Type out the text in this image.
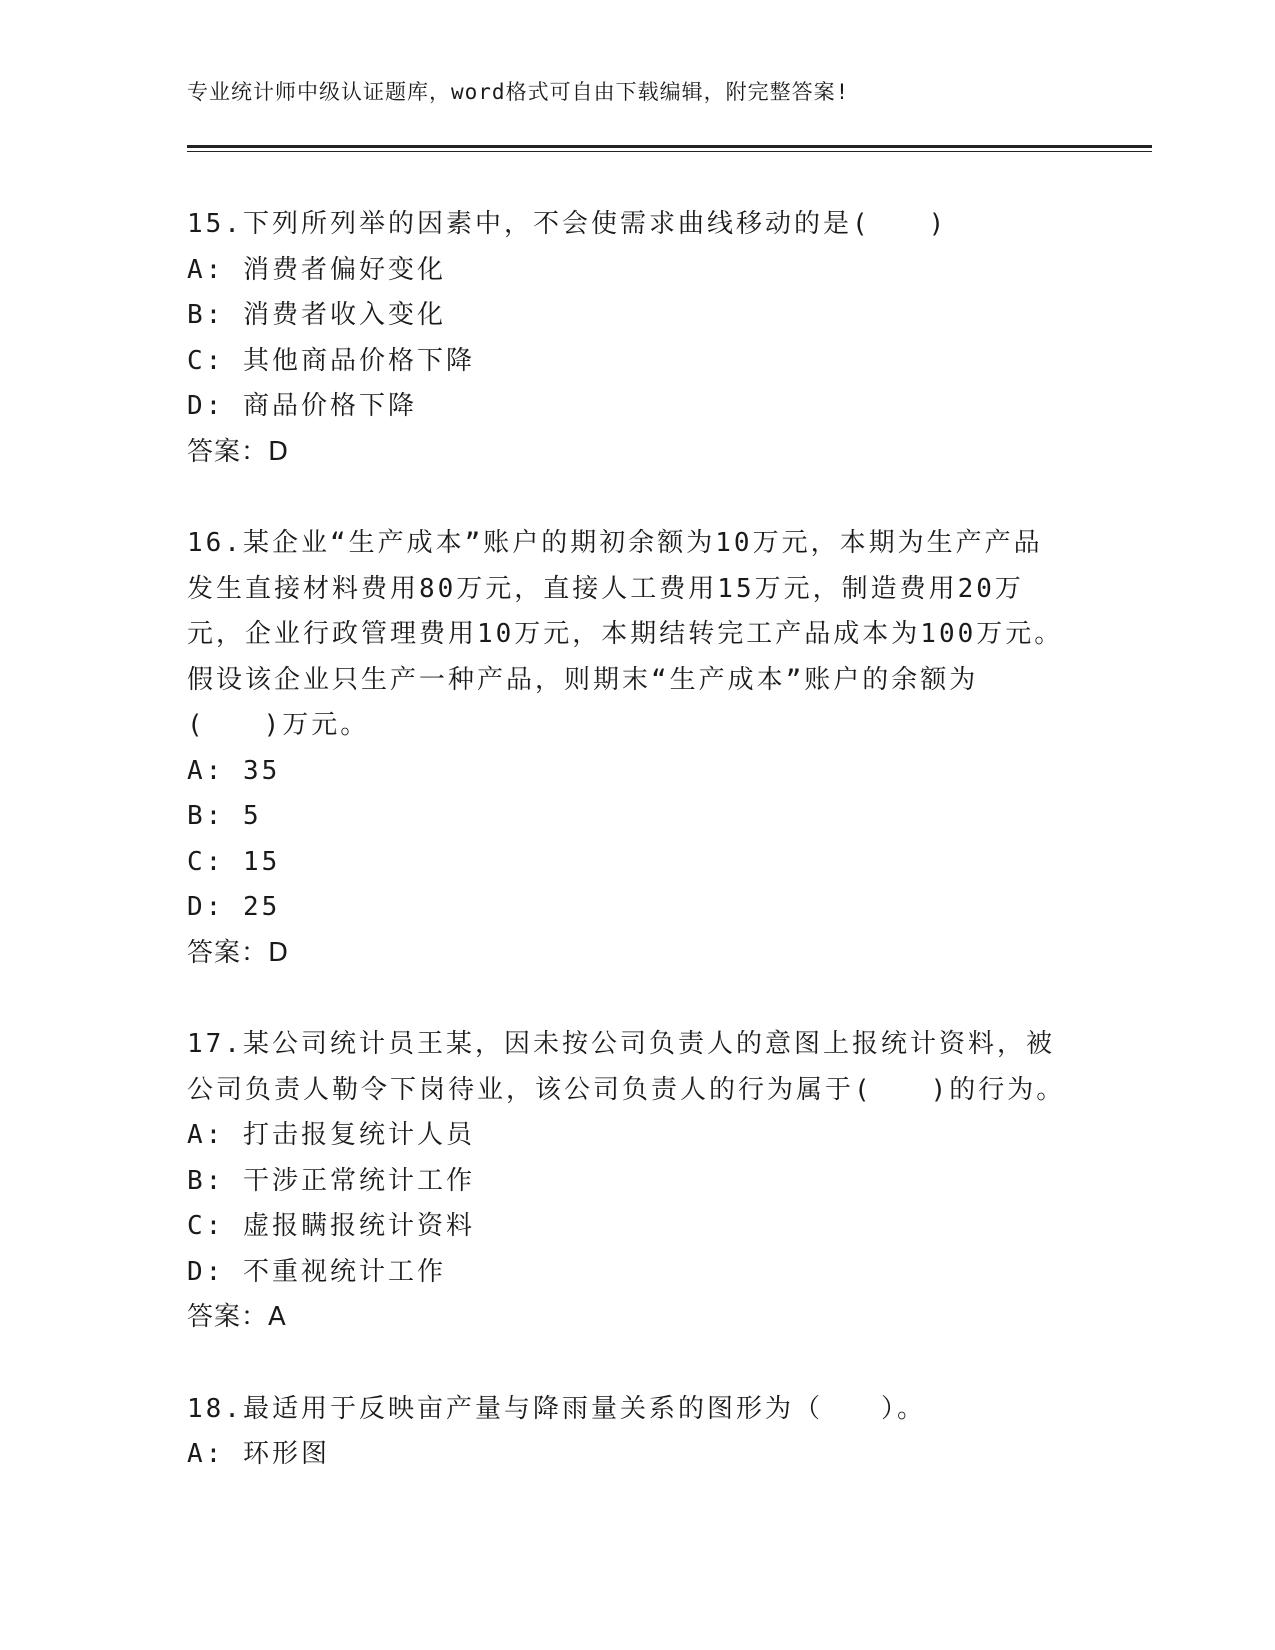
专业统计师中级认证题库，word格式可自由下载编辑，附完整答案!

15.下列所列举的因素中，不会使需求曲线移动的是(　　)

A: 消费者偏好变化

B: 消费者收入变化

C: 其他商品价格下降

D: 商品价格下降

答案：D

16.某企业“生产成本”账户的期初余额为10万元，本期为生产产品发生直接材料费用80万元，直接人工费用15万元，制造费用20万元，企业行政管理费用10万元，本期结转完工产品成本为100万元。假设该企业只生产一种产品，则期末“生产成本”账户的余额为(　　)万元。

A: 35

B: 5

C: 15

D: 25

答案：D

17.某公司统计员王某，因未按公司负责人的意图上报统计资料，被公司负责人勒令下岗待业，该公司负责人的行为属于(　　)的行为。

A: 打击报复统计人员

B: 干涉正常统计工作

C: 虚报瞒报统计资料

D: 不重视统计工作

答案：A

18.最适用于反映亩产量与降雨量关系的图形为（　　）。

A: 环形图
